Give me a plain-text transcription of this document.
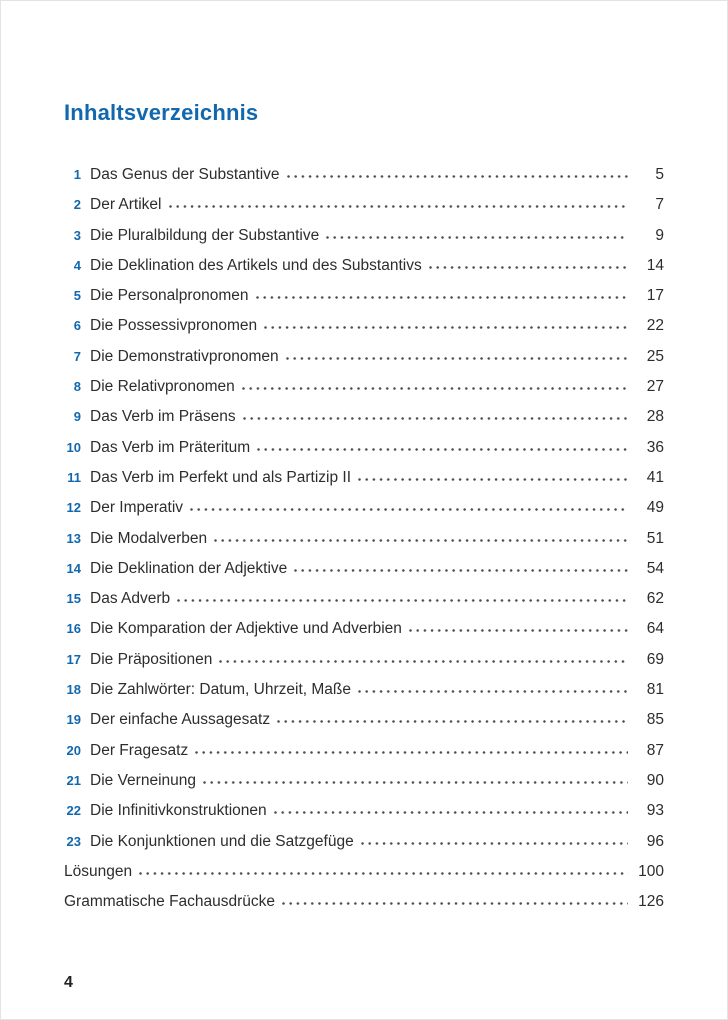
Inhaltsverzeichnis
1 Das Genus der Substantive	5
2 Der Artikel	7
3 Die Pluralbildung der Substantive	9
4 Die Deklination des Artikels und des Substantivs	14
5 Die Personalpronomen	17
6 Die Possessivpronomen	22
7 Die Demonstrativpronomen	25
8 Die Relativpronomen	27
9 Das Verb im Präsens	28
10 Das Verb im Präteritum	36
11 Das Verb im Perfekt und als Partizip II	41
12 Der Imperativ	49
13 Die Modalverben	51
14 Die Deklination der Adjektive	54
15 Das Adverb	62
16 Die Komparation der Adjektive und Adverbien	64
17 Die Präpositionen	69
18 Die Zahlwörter: Datum, Uhrzeit, Maße	81
19 Der einfache Aussagesatz	85
20 Der Fragesatz	87
21 Die Verneinung	90
22 Die Infinitivkonstruktionen	93
23 Die Konjunktionen und die Satzgefüge	96
Lösungen	100
Grammatische Fachausdrücke	126
4
